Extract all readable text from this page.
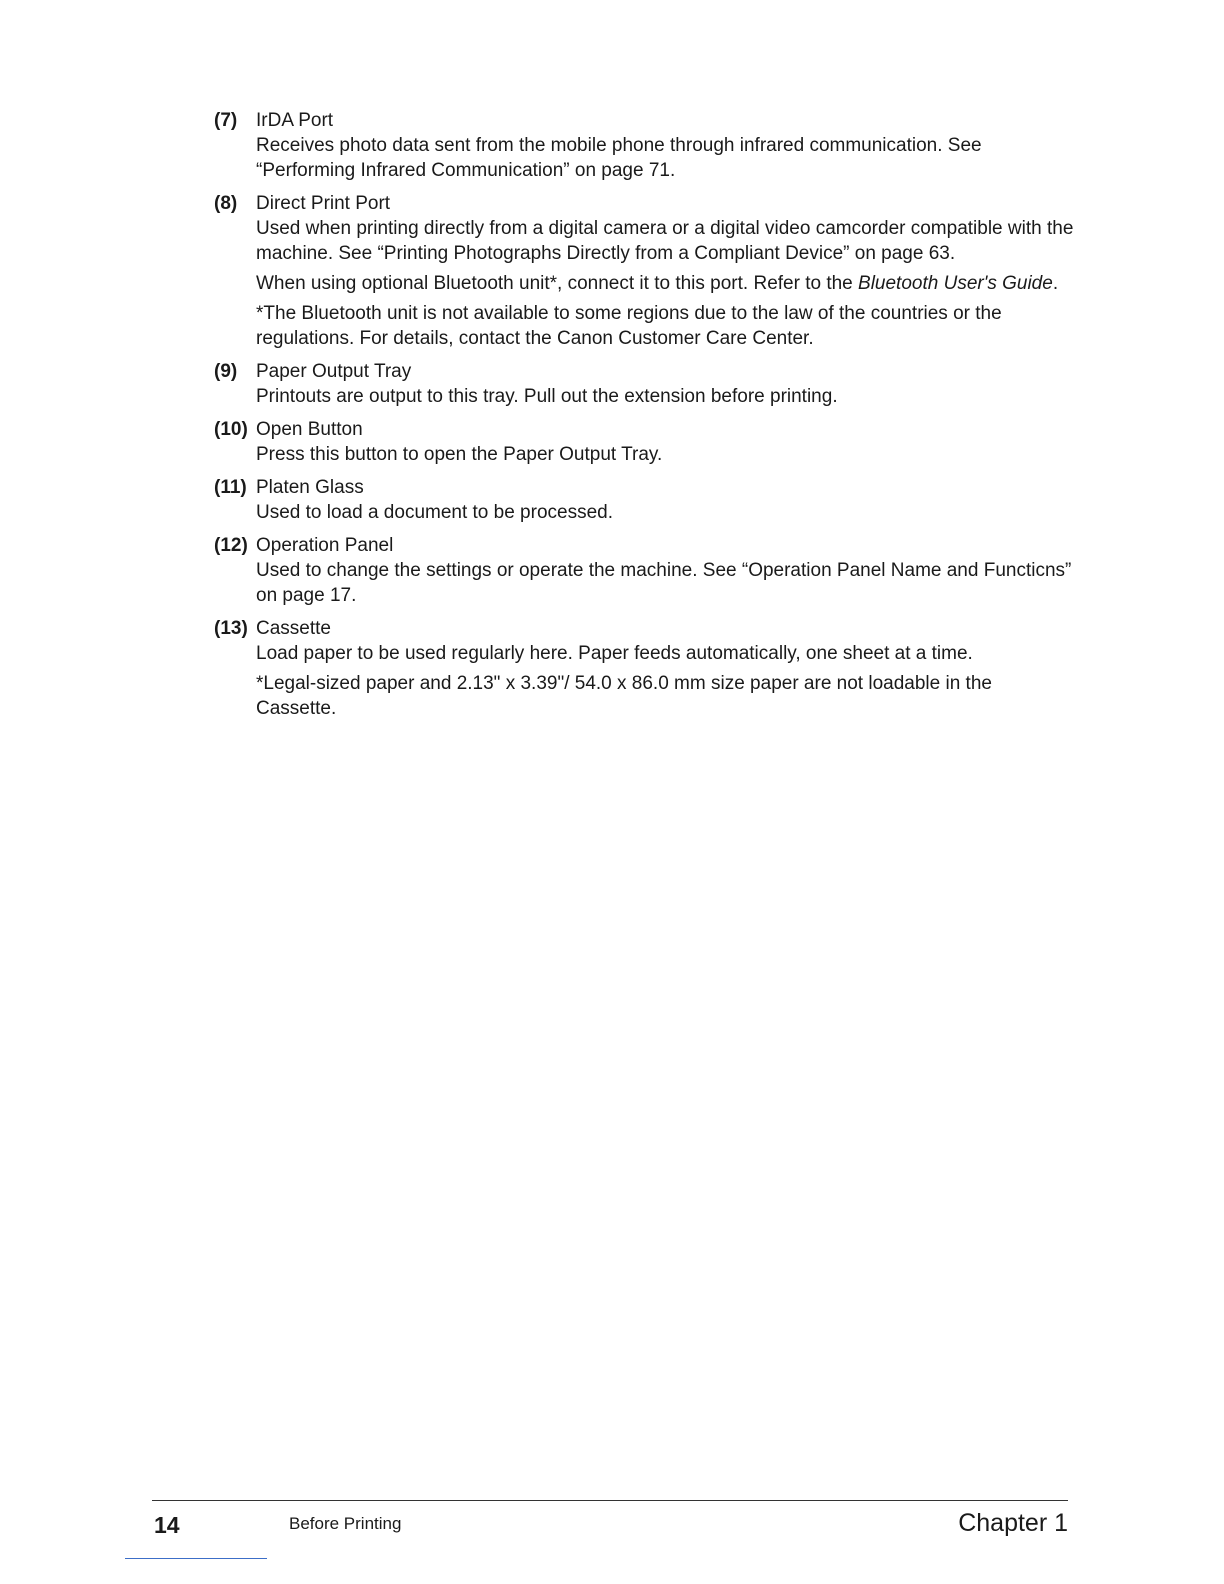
(7) IrDA Port
Receives photo data sent from the mobile phone through infrared communication. See “Performing Infrared Communication” on page 71.
(8) Direct Print Port
Used when printing directly from a digital camera or a digital video camcorder compatible with the machine. See “Printing Photographs Directly from a Compliant Device” on page 63.
When using optional Bluetooth unit*, connect it to this port. Refer to the Bluetooth User's Guide.
*The Bluetooth unit is not available to some regions due to the law of the countries or the regulations. For details, contact the Canon Customer Care Center.
(9) Paper Output Tray
Printouts are output to this tray. Pull out the extension before printing.
(10) Open Button
Press this button to open the Paper Output Tray.
(11) Platen Glass
Used to load a document to be processed.
(12) Operation Panel
Used to change the settings or operate the machine. See “Operation Panel Name and Functicns” on page 17.
(13) Cassette
Load paper to be used regularly here. Paper feeds automatically, one sheet at a time.
*Legal-sized paper and 2.13" x 3.39"/ 54.0 x 86.0 mm size paper are not loadable in the Cassette.
14	Before Printing	Chapter 1
